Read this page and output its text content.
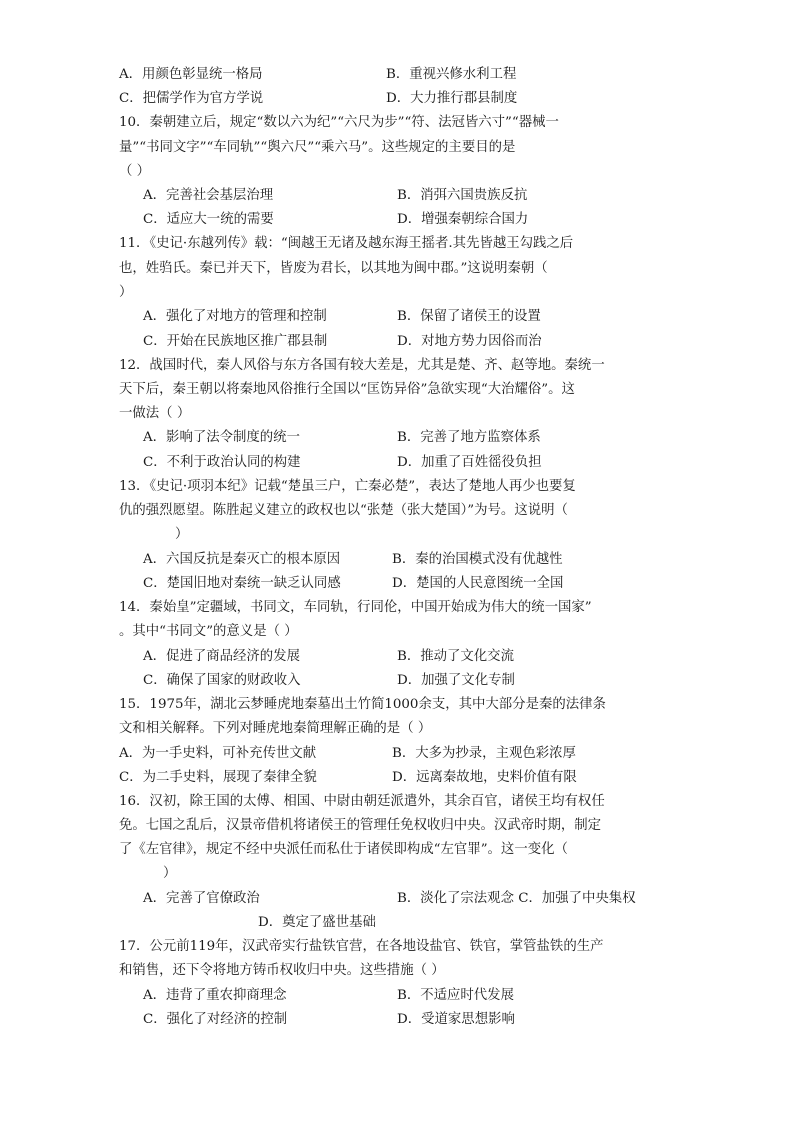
A．用颜色彰显统一格局	B．重视兴修水利工程
C．把儒学作为官方学说	D．大力推行郡县制度
10．秦朝建立后，规定“数以六为纪”“六尺为步”“符、法冠皆六寸”“器械一
量”“书同文字”“车同轨”“舆六尺”“乘六马”。这些规定的主要目的是
（ ）
A．完善社会基层治理	B．消弭六国贵族反抗
C．适应大一统的需要	D．增强秦朝综合国力
11．《史记·东越列传》载：“闽越王无诸及越东海王摇者.其先皆越王勾践之后
也，姓驺氏。秦已并天下，皆废为君长，以其地为闽中郡。”这说明秦朝（
）
A．强化了对地方的管理和控制	B．保留了诸侯王的设置
C．开始在民族地区推广郡县制	D．对地方势力因俗而治
12．战国时代，秦人风俗与东方各国有较大差是，尤其是楚、齐、赵等地。秦统一
天下后，秦王朝以将秦地风俗推行全国以“匡饬异俗”急欲实现“大治耀俗”。这
一做法（ ）
A．影响了法令制度的统一	B．完善了地方监察体系
C．不利于政治认同的构建	D．加重了百姓徭役负担
13．《史记·项羽本纪》记载“楚虽三户，亡秦必楚”，表达了楚地人再少也要复
仇的强烈愿望。陈胜起义建立的政权也以“张楚（张大楚国）”为号。这说明（
）
A．六国反抗是秦灭亡的根本原因	B．秦的治国模式没有优越性
C．楚国旧地对秦统一缺乏认同感	D．楚国的人民意图统一全国
14．秦始皇”定疆域，书同文，车同轨，行同伦，中国开始成为伟大的统一国家”
。其中“书同文”的意义是（ ）
A．促进了商品经济的发展	B．推动了文化交流
C．确保了国家的财政收入	D．加强了文化专制
15．1975年，湖北云梦睡虎地秦墓出土竹简1000余支，其中大部分是秦的法律条
文和相关解释。下列对睡虎地秦简理解正确的是（ ）
A．为一手史料，可补充传世文献	B．大多为抄录，主观色彩浓厚
C．为二手史料，展现了秦律全貌	D．远离秦故地，史料价值有限
16．汉初，除王国的太傅、相国、中尉由朝廷派遣外，其余百官，诸侯王均有权任
免。七国之乱后，汉景帝借机将诸侯王的管理任免权收归中央。汉武帝时期，制定
了《左官律》，规定不经中央派任而私仕于诸侯即构成“左官罪”。这一变化（
）
A．完善了官僚政治	B．淡化了宗法观念 C．加强了中央集权
D．奠定了盛世基础
17．公元前119年，汉武帝实行盐铁官营，在各地设盐官、铁官，掌管盐铁的生产
和销售，还下令将地方铸币权收归中央。这些措施（ ）
A．违背了重农抑商理念	B．不适应时代发展
C．强化了对经济的控制	D．受道家思想影响
